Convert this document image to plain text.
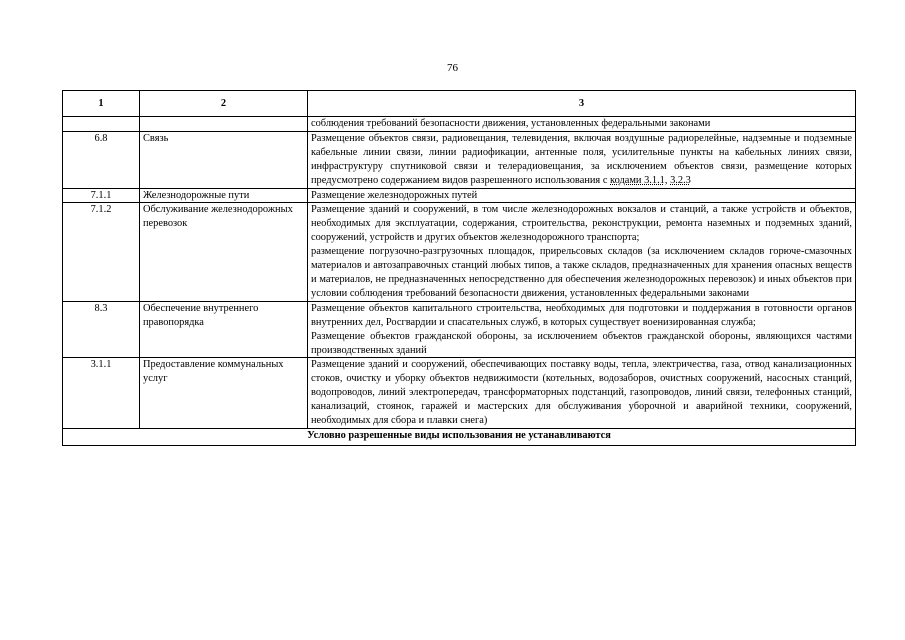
76
1	2	3

		соблюдения требований безопасности движения, установленных федеральными законами

6.8	Связь	Размещение объектов связи, радиовещания, телевидения, включая воздушные радиорелейные, надземные и подземные кабельные линии связи, линии радиофикации, антенные поля, усилительные пункты на кабельных линиях связи, инфраструктуру спутниковой связи и телерадиовещания, за исключением объектов связи, размещение которых предусмотрено содержанием видов разрешенного использования с кодами 3.1.1, 3.2.3

7.1.1	Железнодорожные пути	Размещение железнодорожных путей

7.1.2	Обслуживание железнодорожных перевозок	Размещение зданий и сооружений, в том числе железнодорожных вокзалов и станций, а также устройств и объектов, необходимых для эксплуатации, содержания, строительства, реконструкции, ремонта наземных и подземных зданий, сооружений, устройств и других объектов железнодорожного транспорта;
размещение погрузочно-разгрузочных площадок, прирельсовых складов (за исключением складов горюче-смазочных материалов и автозаправочных станций любых типов, а также складов, предназначенных для хранения опасных веществ и материалов, не предназначенных непосредственно для обеспечения железнодорожных перевозок) и иных объектов при условии соблюдения требований безопасности движения, установленных федеральными законами

8.3	Обеспечение внутреннего правопорядка	Размещение объектов капитального строительства, необходимых для подготовки и поддержания в готовности органов внутренних дел, Росгвардии и спасательных служб, в которых существует военизированная служба;
Размещение объектов гражданской обороны, за исключением объектов гражданской обороны, являющихся частями производственных зданий

3.1.1	Предоставление коммунальных услуг	Размещение зданий и сооружений, обеспечивающих поставку воды, тепла, электричества, газа, отвод канализационных стоков, очистку и уборку объектов недвижимости (котельных, водозаборов, очистных сооружений, насосных станций, водопроводов, линий электропередач, трансформаторных подстанций, газопроводов, линий связи, телефонных станций, канализаций, стоянок, гаражей и мастерских для обслуживания уборочной и аварийной техники, сооружений, необходимых для сбора и плавки снега)

Условно разрешенные виды использования не устанавливаются		
